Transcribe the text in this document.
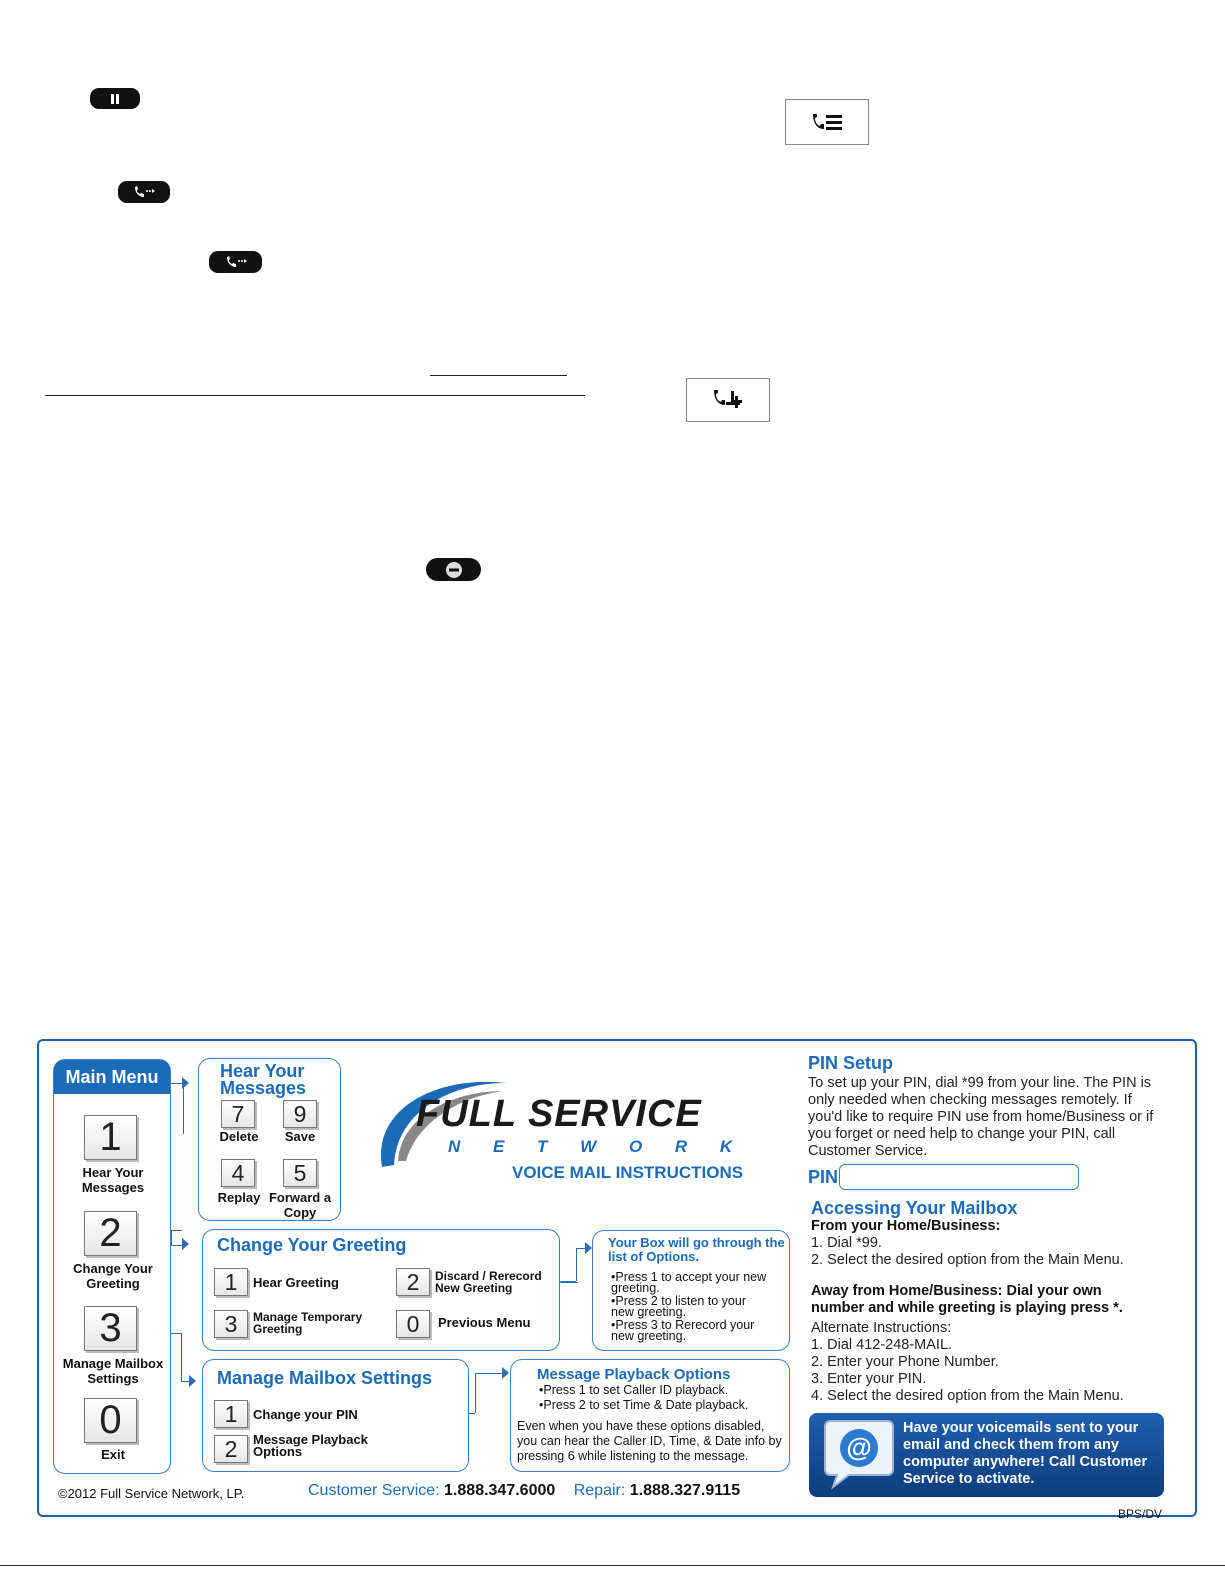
Main Menu
1
Hear Your Messages
2
Change Your Greeting
3
Manage Mailbox Settings
0
Exit
Hear Your Messages
7
Delete
9
Save
4
Replay
5
Forward a Copy
FULL SERVICE
N E T W O R K
VOICE MAIL INSTRUCTIONS
Change Your Greeting
1	Hear Greeting	2	Discard / Rerecord New Greeting
3	Manage Temporary Greeting	0	Previous Menu
Your Box will go through the list of Options.
•Press 1 to accept your new greeting.
•Press 2 to listen to your new greeting.
•Press 3 to Rerecord your new greeting.
Manage Mailbox Settings
1	Change your PIN
2	Message Playback Options
Message Playback Options
•Press 1 to set Caller ID playback.
•Press 2 to set Time & Date playback.
Even when you have these options disabled, you can hear the Caller ID, Time, & Date info by pressing 6 while listening to the message.
PIN Setup
To set up your PIN, dial *99 from your line. The PIN is only needed when checking messages remotely. If you'd like to require PIN use from home/Business or if you forget or need help to change your PIN, call Customer Service.
PIN
Accessing Your Mailbox
From your Home/Business:
1. Dial *99.
2. Select the desired option from the Main Menu.
Away from Home/Business: Dial your own number and while greeting is playing press *.
Alternate Instructions:
1. Dial 412-248-MAIL.
2. Enter your Phone Number.
3. Enter your PIN.
4. Select the desired option from the Main Menu.
@
Have your voicemails sent to your email and check them from any computer anywhere! Call Customer Service to activate.
©2012 Full Service Network, LP.	Customer Service: 1.888.347.6000 Repair: 1.888.327.9115
BPS/DV
